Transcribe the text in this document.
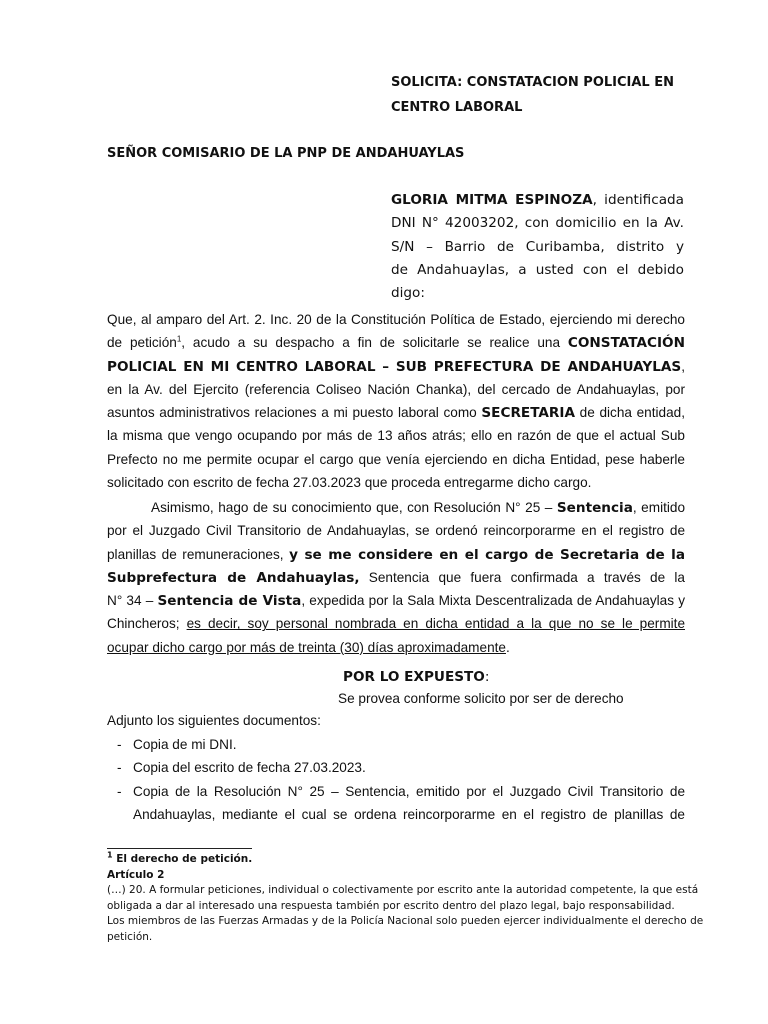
SOLICITA: CONSTATACION POLICIAL EN
CENTRO LABORAL
SEÑOR COMISARIO DE LA PNP DE ANDAHUAYLAS
GLORIA MITMA ESPINOZA, identificada
DNI N° 42003202, con domicilio en la Av.
S/N – Barrio de Curibamba, distrito y
de Andahuaylas, a usted con el debido
digo:
Que, al amparo del Art. 2. Inc. 20 de la Constitución Política de Estado, ejerciendo mi derecho
de petición$^1$, acudo a su despacho a fin de solicitarle se realice una CONSTATACIÓN
POLICIAL EN MI CENTRO LABORAL – SUB PREFECTURA DE ANDAHUAYLAS,
en la Av. del Ejercito (referencia Coliseo Nación Chanka), del cercado de Andahuaylas, por
asuntos administrativos relaciones a mi puesto laboral como SECRETARIA de dicha entidad,
la misma que vengo ocupando por más de 13 años atrás; ello en razón de que el actual Sub
Prefecto no me permite ocupar el cargo que venía ejerciendo en dicha Entidad, pese haberle
solicitado con escrito de fecha 27.03.2023 que proceda entregarme dicho cargo.
Asimismo, hago de su conocimiento que, con Resolución N° 25 – Sentencia, emitido
por el Juzgado Civil Transitorio de Andahuaylas, se ordenó reincorporarme en el registro de
planillas de remuneraciones, y se me considere en el cargo de Secretaria de la
Subprefectura de Andahuaylas, Sentencia que fuera confirmada a través de la
N° 34 – Sentencia de Vista, expedida por la Sala Mixta Descentralizada de Andahuaylas y
Chincheros; es decir, soy personal nombrada en dicha entidad a la que no se le permite
ocupar dicho cargo por más de treinta (30) días aproximadamente.
POR LO EXPUESTO:
Se provea conforme solicito por ser de derecho
Adjunto los siguientes documentos:
- Copia de mi DNI.
- Copia del escrito de fecha 27.03.2023.
- Copia de la Resolución N° 25 – Sentencia, emitido por el Juzgado Civil Transitorio de
Andahuaylas, mediante el cual se ordena reincorporarme en el registro de planillas de
$^1$ El derecho de petición.
Artículo 2
(…) 20. A formular peticiones, individual o colectivamente por escrito ante la autoridad competente, la que está
obligada a dar al interesado una respuesta también por escrito dentro del plazo legal, bajo responsabilidad.
Los miembros de las Fuerzas Armadas y de la Policía Nacional solo pueden ejercer individualmente el derecho de
petición.
